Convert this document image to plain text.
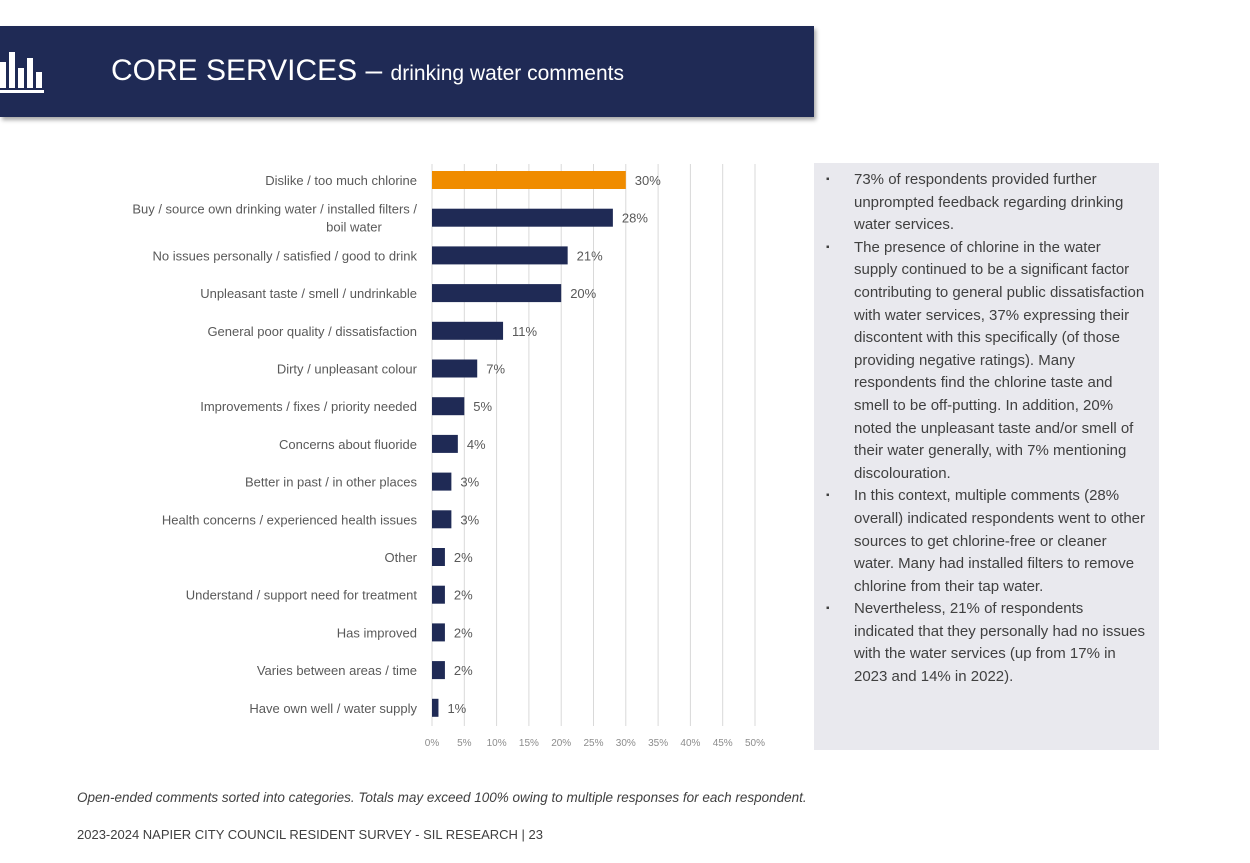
CORE SERVICES – drinking water comments
0% 5% 10% 15% 20% 25% 30% 35% 40% 45% 50%
30%
Dislike / too much chlorine
28%
Buy / source own drinking water / installed filters / boil water
21%
No issues personally / satisfied / good to drink
20%
Unpleasant taste / smell / undrinkable
11%
General poor quality / dissatisfaction
7%
Dirty / unpleasant colour
5%
Improvements / fixes / priority needed
4%
Concerns about fluoride
3%
Better in past / in other places
3%
Health concerns / experienced health issues
2%
Other
2%
Understand / support need for treatment
2%
Has improved
2%
Varies between areas / time
1%
Have own well / water supply
▪ 73% of respondents provided further unprompted feedback regarding drinking water services.
▪ The presence of chlorine in the water supply continued to be a significant factor contributing to general public dissatisfaction with water services, 37% expressing their discontent with this specifically (of those providing negative ratings). Many respondents find the chlorine taste and smell to be off-putting. In addition, 20% noted the unpleasant taste and/or smell of their water generally, with 7% mentioning discolouration.
▪ In this context, multiple comments (28% overall) indicated respondents went to other sources to get chlorine-free or cleaner water. Many had installed filters to remove chlorine from their tap water.
▪ Nevertheless, 21% of respondents indicated that they personally had no issues with the water services (up from 17% in 2023 and 14% in 2022).
Open-ended comments sorted into categories. Totals may exceed 100% owing to multiple responses for each respondent.
2023-2024 NAPIER CITY COUNCIL RESIDENT SURVEY - SIL RESEARCH | 23
